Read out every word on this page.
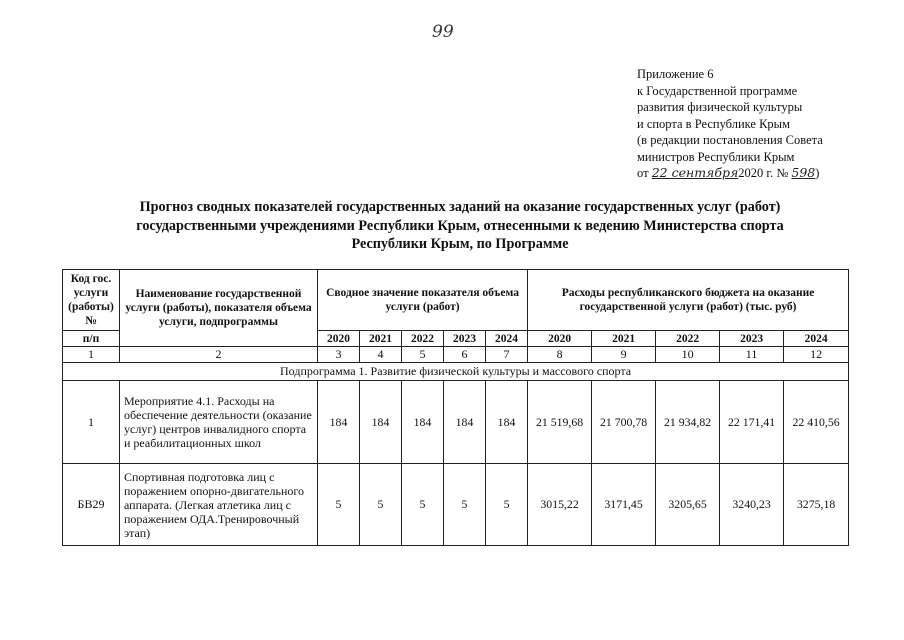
99
Приложение 6
к Государственной программе
развития физической культуры
и спорта в Республике Крым
(в редакции постановления Совета
министров Республики Крым
от 22 сентября2020 г. № 598)
Прогноз сводных показателей государственных заданий на оказание государственных услуг (работ) государственными учреждениями Республики Крым, отнесенными к ведению Министерства спорта Республики Крым, по Программе
Код гос. услуги (работы) №	Наименование государственной услуги (работы), показателя объема услуги, подпрограммы	Сводное значение показателя объема услуги (работ)					Расходы республиканского бюджета на оказание государственной услуги (работ) (тыс. руб)				
п/п		2020	2021	2022	2023	2024	2020	2021	2022	2023	2024
1	2	3	4	5	6	7	8	9	10	11	12
Подпрограмма 1. Развитие физической культуры и массового спорта											
1	Мероприятие 4.1. Расходы на обеспечение деятельности (оказание услуг) центров инвалидного спорта и реабилитационных школ	184	184	184	184	184	21 519,68	21 700,78	21 934,82	22 171,41	22 410,56
БВ29	Спортивная подготовка лиц с поражением опорно-двигательного аппарата. (Легкая атлетика лиц с поражением ОДА.Тренировочный этап)	5	5	5	5	5	3015,22	3171,45	3205,65	3240,23	3275,18
